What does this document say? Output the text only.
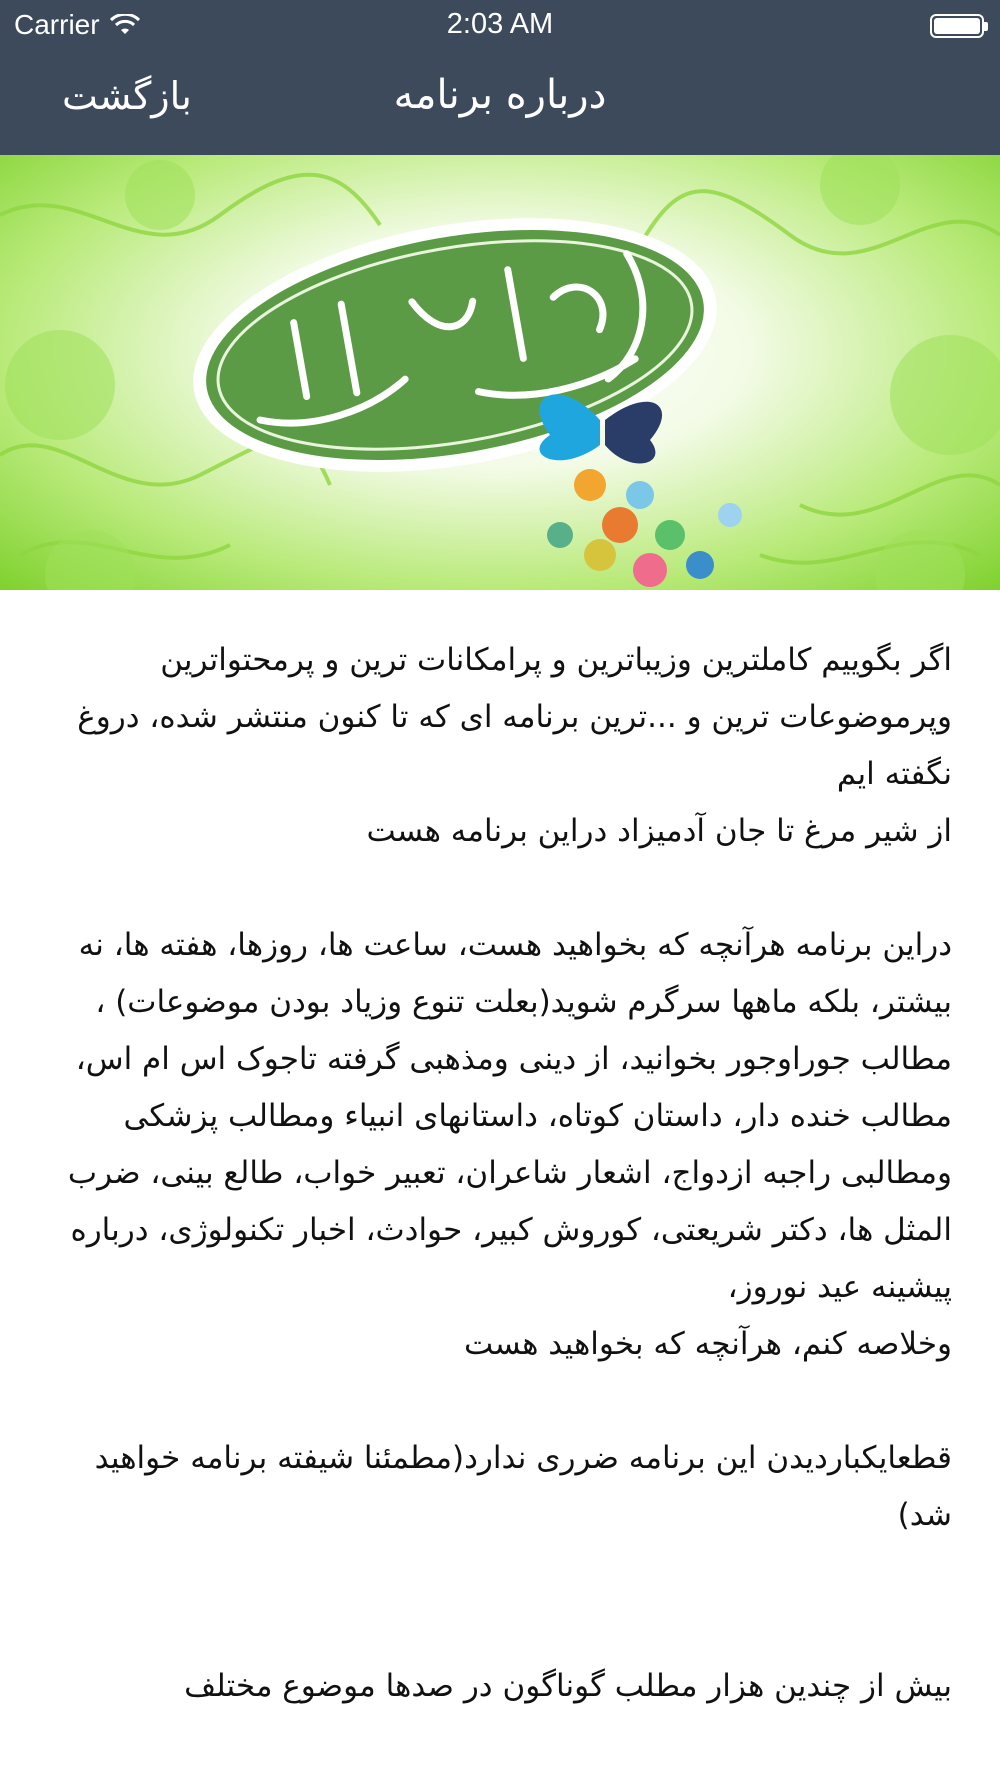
Carrier	2:03 AM
بازگشت	درباره برنامه

اگر بگوییم کاملترین وزیباترین و پرامکانات ترین و پرمحتواترین وپرموضوعات ترین و ...ترین برنامه ای که تا کنون منتشر شده، دروغ نگفته ایم

از شیر مرغ تا جان آدمیزاد دراین برنامه هست

دراین برنامه هرآنچه که بخواهید هست، ساعت ها، روزها، هفته ها، نه بیشتر، بلکه ماهها سرگرم شوید(بعلت تنوع وزیاد بودن موضوعات) ،

مطالب جوراوجور بخوانید، از دینی ومذهبی گرفته تاجوک اس ام اس، مطالب خنده دار، داستان کوتاه، داستانهای انبیاء ومطالب پزشکی ومطالبی راجبه ازدواج، اشعار شاعران، تعبیر خواب، طالع بینی، ضرب المثل ها، دکتر شریعتی، کوروش کبیر، حوادث، اخبار تکنولوژی، درباره پیشینه عید نوروز،

وخلاصه کنم، هرآنچه که بخواهید هست

قطعایکباردیدن این برنامه ضرری ندارد(مطمئنا شیفته برنامه خواهید شد)

بیش از چندین هزار مطلب گوناگون در صدها موضوع مختلف
